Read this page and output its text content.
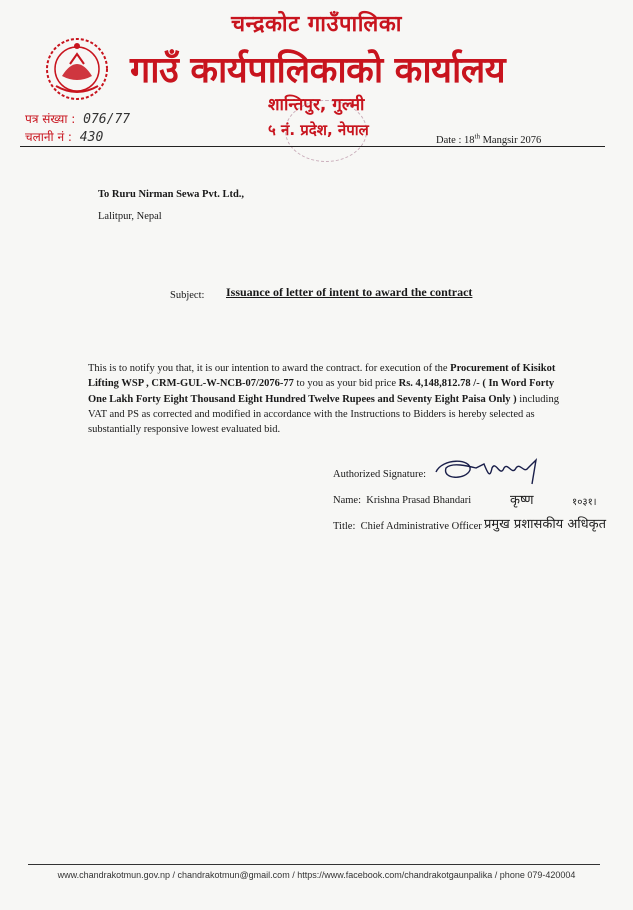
चन्द्रकोट गाउँपालिका
गाउँ कार्यपालिकाको कार्यालय
शान्तिपुर, गुल्मी
५ नं. प्रदेश, नेपाल
पत्र संख्या : 076/77
चलानी नं : 430	Date : 18th Mangsir 2076
To Ruru Nirman Sewa Pvt. Ltd.,
Lalitpur, Nepal
Subject: Issuance of letter of intent to award the contract
This is to notify you that, it is our intention to award the contract. for execution of the Procurement of Kisikot Lifting WSP , CRM-GUL-W-NCB-07/2076-77 to you as your bid price Rs. 4,148,812.78 /- ( In Word Forty One Lakh Forty Eight Thousand Eight Hundred Twelve Rupees and Seventy Eight Paisa Only ) including VAT and PS as corrected and modified in accordance with the Instructions to Bidders is hereby selected as substantially responsive lowest evaluated bid.
Authorized Signature:
Name: Krishna Prasad Bhandari	कृष्ण	१०३१।
Title: Chief Administrative Officer प्रमुख प्रशासकीय अधिकृत
www.chandrakotmun.gov.np / chandrakotmun@gmail.com / https://www.facebook.com/chandrakotgaunpalika / phone 079-420004
